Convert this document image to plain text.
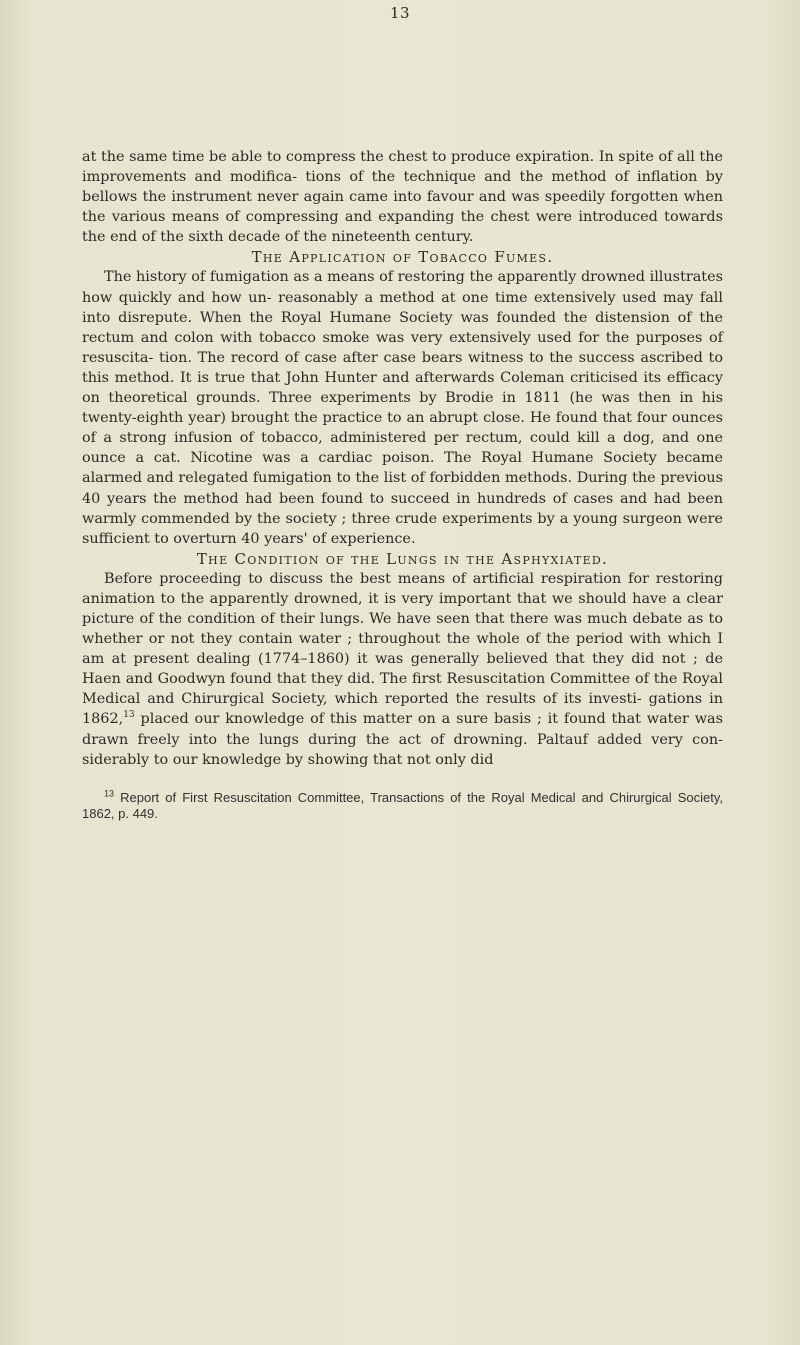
13

at the same time be able to compress the chest to produce expiration. In spite of all the improvements and modifica- tions of the technique and the method of inflation by bellows the instrument never again came into favour and was speedily forgotten when the various means of compressing and expanding the chest were introduced towards the end of the sixth decade of the nineteenth century.

The Application of Tobacco Fumes.

The history of fumigation as a means of restoring the apparently drowned illustrates how quickly and how un- reasonably a method at one time extensively used may fall into disrepute. When the Royal Humane Society was founded the distension of the rectum and colon with tobacco smoke was very extensively used for the purposes of resuscita- tion. The record of case after case bears witness to the success ascribed to this method. It is true that John Hunter and afterwards Coleman criticised its efficacy on theoretical grounds. Three experiments by Brodie in 1811 (he was then in his twenty-eighth year) brought the practice to an abrupt close. He found that four ounces of a strong infusion of tobacco, administered per rectum, could kill a dog, and one ounce a cat. Nicotine was a cardiac poison. The Royal Humane Society became alarmed and relegated fumigation to the list of forbidden methods. During the previous 40 years the method had been found to succeed in hundreds of cases and had been warmly commended by the society ; three crude experiments by a young surgeon were sufficient to overturn 40 years' of experience.

The Condition of the Lungs in the Asphyxiated.

Before proceeding to discuss the best means of artificial respiration for restoring animation to the apparently drowned, it is very important that we should have a clear picture of the condition of their lungs. We have seen that there was much debate as to whether or not they contain water ; throughout the whole of the period with which I am at present dealing (1774–1860) it was generally believed that they did not ; de Haen and Goodwyn found that they did. The first Resuscitation Committee of the Royal Medical and Chirurgical Society, which reported the results of its investi- gations in 1862,13 placed our knowledge of this matter on a sure basis ; it found that water was drawn freely into the lungs during the act of drowning. Paltauf added very con- siderably to our knowledge by showing that not only did

$^{13}$ Report of First Resuscitation Committee, Transactions of the Royal Medical and Chirurgical Society, 1862, p. 449.
